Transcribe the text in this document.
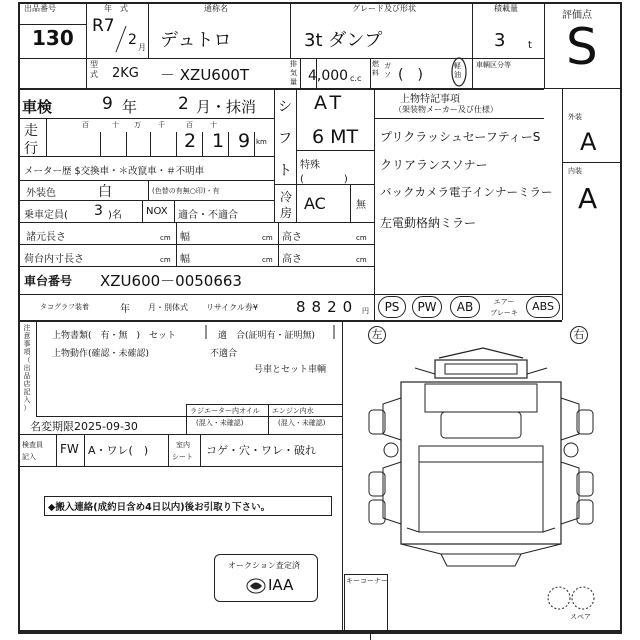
出品番号
130
年　式
R7
2 月
通称名
デュトロ
グレード及び形状
3t ダンプ
積載量
3 t
評価点
S
型式 2KG － XZU600T
排気量 4,000 c.c
燃料
ガソ (　)
軽油
車輌区分等
車検	9 年 2 月・抹消 シ
フ
ト
AT
6 MT
特殊
(　　　　)
走
行
百	十 万 千	百 十
2 1 9 km
メーター歴 $交換車・＊改竄車・＃不明車
外装色	白	(色替の有無○印)・有
乗車定員( 3 )名 NOX 適合・不適合
冷
房 AC	無
諸元長さ	cm 幅	cm 高さ	cm
荷台内寸長さ	cm 幅	cm 高さ	cm
車台番号 XZU600－0050663
タコグラフ装着	年 月・別体式 リサイクル券¥	8820 円	PS	PW	AB	エアー
ブレーキ	ABS
上物特記事項
（架装物メーカー及び仕様）
プリクラッシュセーフティーS
クリアランスソナー
バックカメラ電子インナーミラー
左電動格納ミラー
外装
A
内装
A
注
意
事
項
（
出
品
店
記
入
）
上物書類(　有・無　)　セット	適　合(証明有・証明無)
上物動作(確認・未確認)	不適合
号車とセット車輌
名変期限2025-09-30
ラジエーター内オイル
(混入・未確認)
エンジン内水
(混入・未確認)
検査員
記入
FW A・ワレ(　)	室内
シート コゲ・穴・ワレ・破れ
◆搬入連絡(成約日含め4日以内)後お引取り下さい。
オークション査定済
IAA
左	右
キーコーナー
スペア
